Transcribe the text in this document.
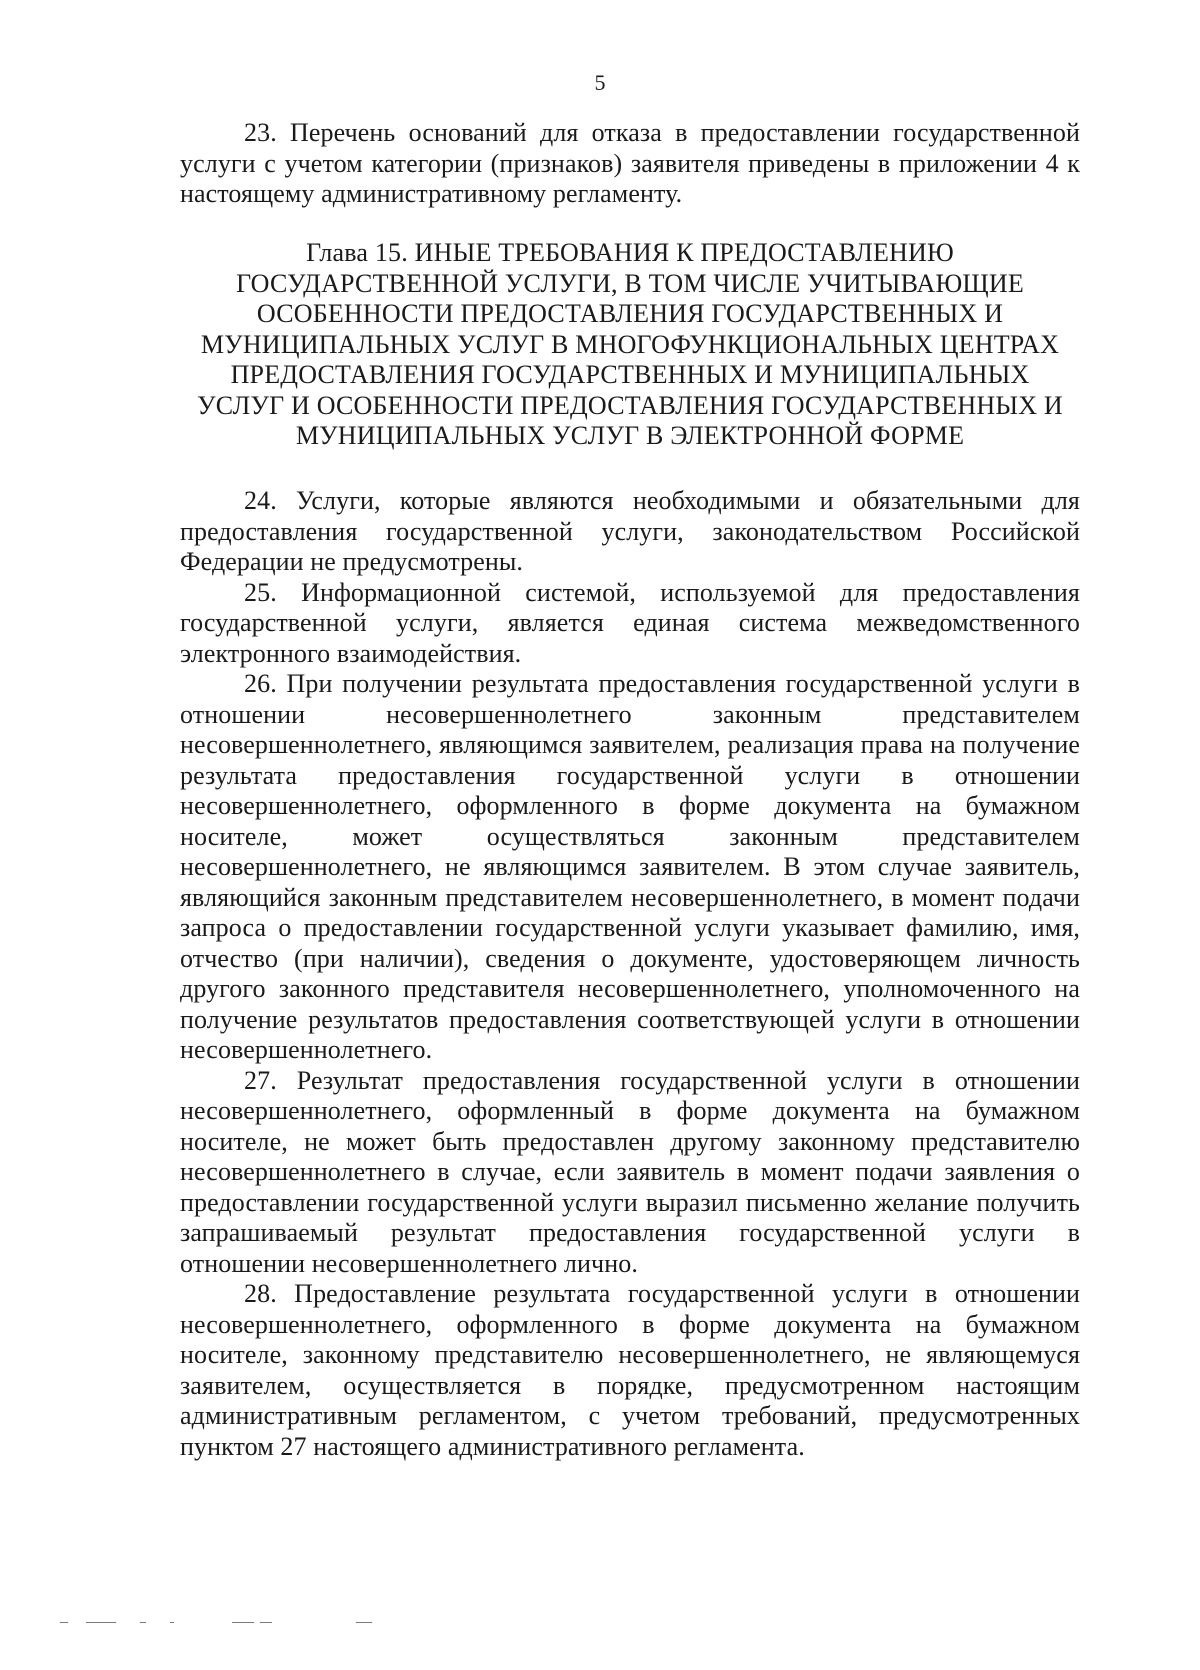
5

23. Перечень оснований для отказа в предоставлении государственной услуги с учетом категории (признаков) заявителя приведены в приложении 4 к настоящему административному регламенту.

Глава 15. ИНЫЕ ТРЕБОВАНИЯ К ПРЕДОСТАВЛЕНИЮ
ГОСУДАРСТВЕННОЙ УСЛУГИ, В ТОМ ЧИСЛЕ УЧИТЫВАЮЩИЕ
ОСОБЕННОСТИ ПРЕДОСТАВЛЕНИЯ ГОСУДАРСТВЕННЫХ И
МУНИЦИПАЛЬНЫХ УСЛУГ В МНОГОФУНКЦИОНАЛЬНЫХ ЦЕНТРАХ
ПРЕДОСТАВЛЕНИЯ ГОСУДАРСТВЕННЫХ И МУНИЦИПАЛЬНЫХ
УСЛУГ И ОСОБЕННОСТИ ПРЕДОСТАВЛЕНИЯ ГОСУДАРСТВЕННЫХ И
МУНИЦИПАЛЬНЫХ УСЛУГ В ЭЛЕКТРОННОЙ ФОРМЕ

24. Услуги, которые являются необходимыми и обязательными для предоставления государственной услуги, законодательством Российской Федерации не предусмотрены.

25. Информационной системой, используемой для предоставления государственной услуги, является единая система межведомственного электронного взаимодействия.

26. При получении результата предоставления государственной услуги в отношении несовершеннолетнего законным представителем несовершеннолетнего, являющимся заявителем, реализация права на получение результата предоставления государственной услуги в отношении несовершеннолетнего, оформленного в форме документа на бумажном носителе, может осуществляться законным представителем несовершеннолетнего, не являющимся заявителем. В этом случае заявитель, являющийся законным представителем несовершеннолетнего, в момент подачи запроса о предоставлении государственной услуги указывает фамилию, имя, отчество (при наличии), сведения о документе, удостоверяющем личность другого законного представителя несовершеннолетнего, уполномоченного на получение результатов предоставления соответствующей услуги в отношении несовершеннолетнего.

27. Результат предоставления государственной услуги в отношении несовершеннолетнего, оформленный в форме документа на бумажном носителе, не может быть предоставлен другому законному представителю несовершеннолетнего в случае, если заявитель в момент подачи заявления о предоставлении государственной услуги выразил письменно желание получить запрашиваемый результат предоставления государственной услуги в отношении несовершеннолетнего лично.

28. Предоставление результата государственной услуги в отношении несовершеннолетнего, оформленного в форме документа на бумажном носителе, законному представителю несовершеннолетнего, не являющемуся заявителем, осуществляется в порядке, предусмотренном настоящим административным регламентом, с учетом требований, предусмотренных пунктом 27 настоящего административного регламента.
